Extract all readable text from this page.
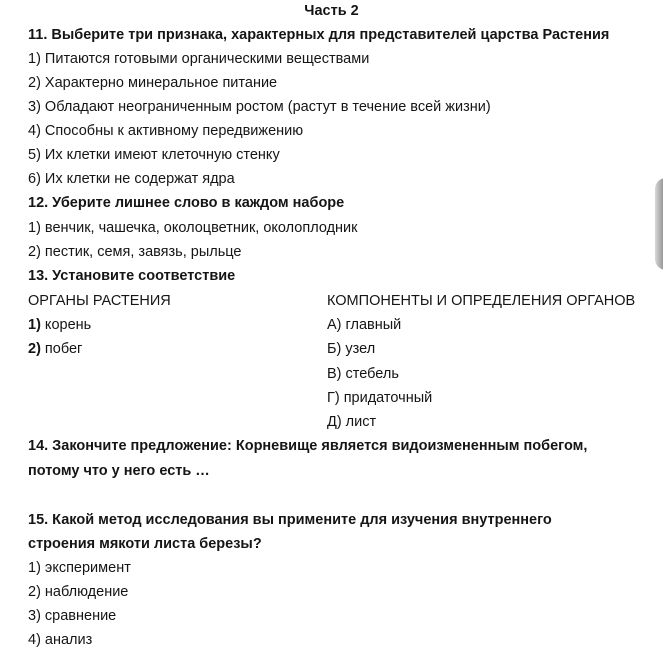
Часть 2
11. Выберите три признака, характерных для представителей царства Растения
1) Питаются готовыми органическими веществами
2) Характерно минеральное питание
3) Обладают неограниченным ростом (растут в течение всей жизни)
4) Способны к активному передвижению
5) Их клетки имеют клеточную стенку
6) Их клетки не содержат ядра
12. Уберите лишнее слово в каждом наборе
1) венчик, чашечка, околоцветник, околоплодник
2) пестик, семя, завязь, рыльце
13. Установите соответствие
ОРГАНЫ РАСТЕНИЯ	КОМПОНЕНТЫ И ОПРЕДЕЛЕНИЯ ОРГАНОВ
1) корень
2) побег
А) главный
Б) узел
В) стебель
Г) придаточный
Д) лист
14. Закончите предложение: Корневище является видоизмененным побегом,
потому что у него есть …
15. Какой метод исследования вы примените для изучения внутреннего
строения мякоти листа березы?
1) эксперимент
2) наблюдение
3) сравнение
4) анализ
